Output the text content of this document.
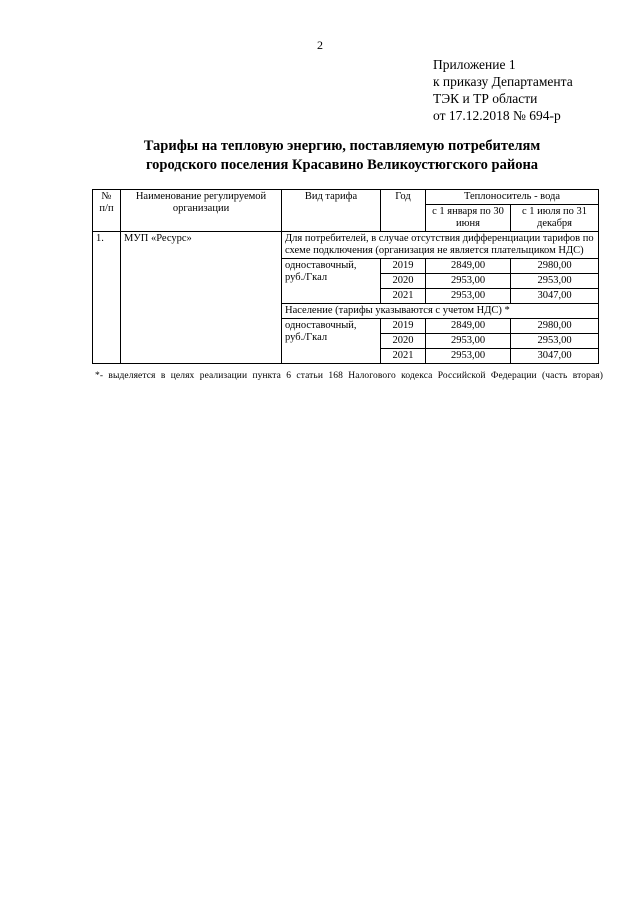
2
Приложение 1
к приказу Департамента
ТЭК и ТР области
от 17.12.2018 № 694-р
Тарифы на тепловую энергию, поставляемую потребителям
городского поселения Красавино Великоустюгского района
№ п/п	Наименование регулируемой организации	Вид тарифа	Год	Теплоноситель - вода	
				с 1 января по 30 июня	с 1 июля по 31 декабря
1.	МУП «Ресурс»	Для потребителей, в случае отсутствия дифференциации тарифов по схеме подключения (организация не является плательщиком НДС)			
		одноставочный, руб./Гкал	2019	2849,00	2980,00
			2020	2953,00	2953,00
			2021	2953,00	3047,00
		Население (тарифы указываются с учетом НДС) *			
		одноставочный, руб./Гкал	2019	2849,00	2980,00
			2020	2953,00	2953,00
			2021	2953,00	3047,00
*- выделяется в целях реализации пункта 6 статьи 168 Налогового кодекса Российской Федерации (часть вторая)
